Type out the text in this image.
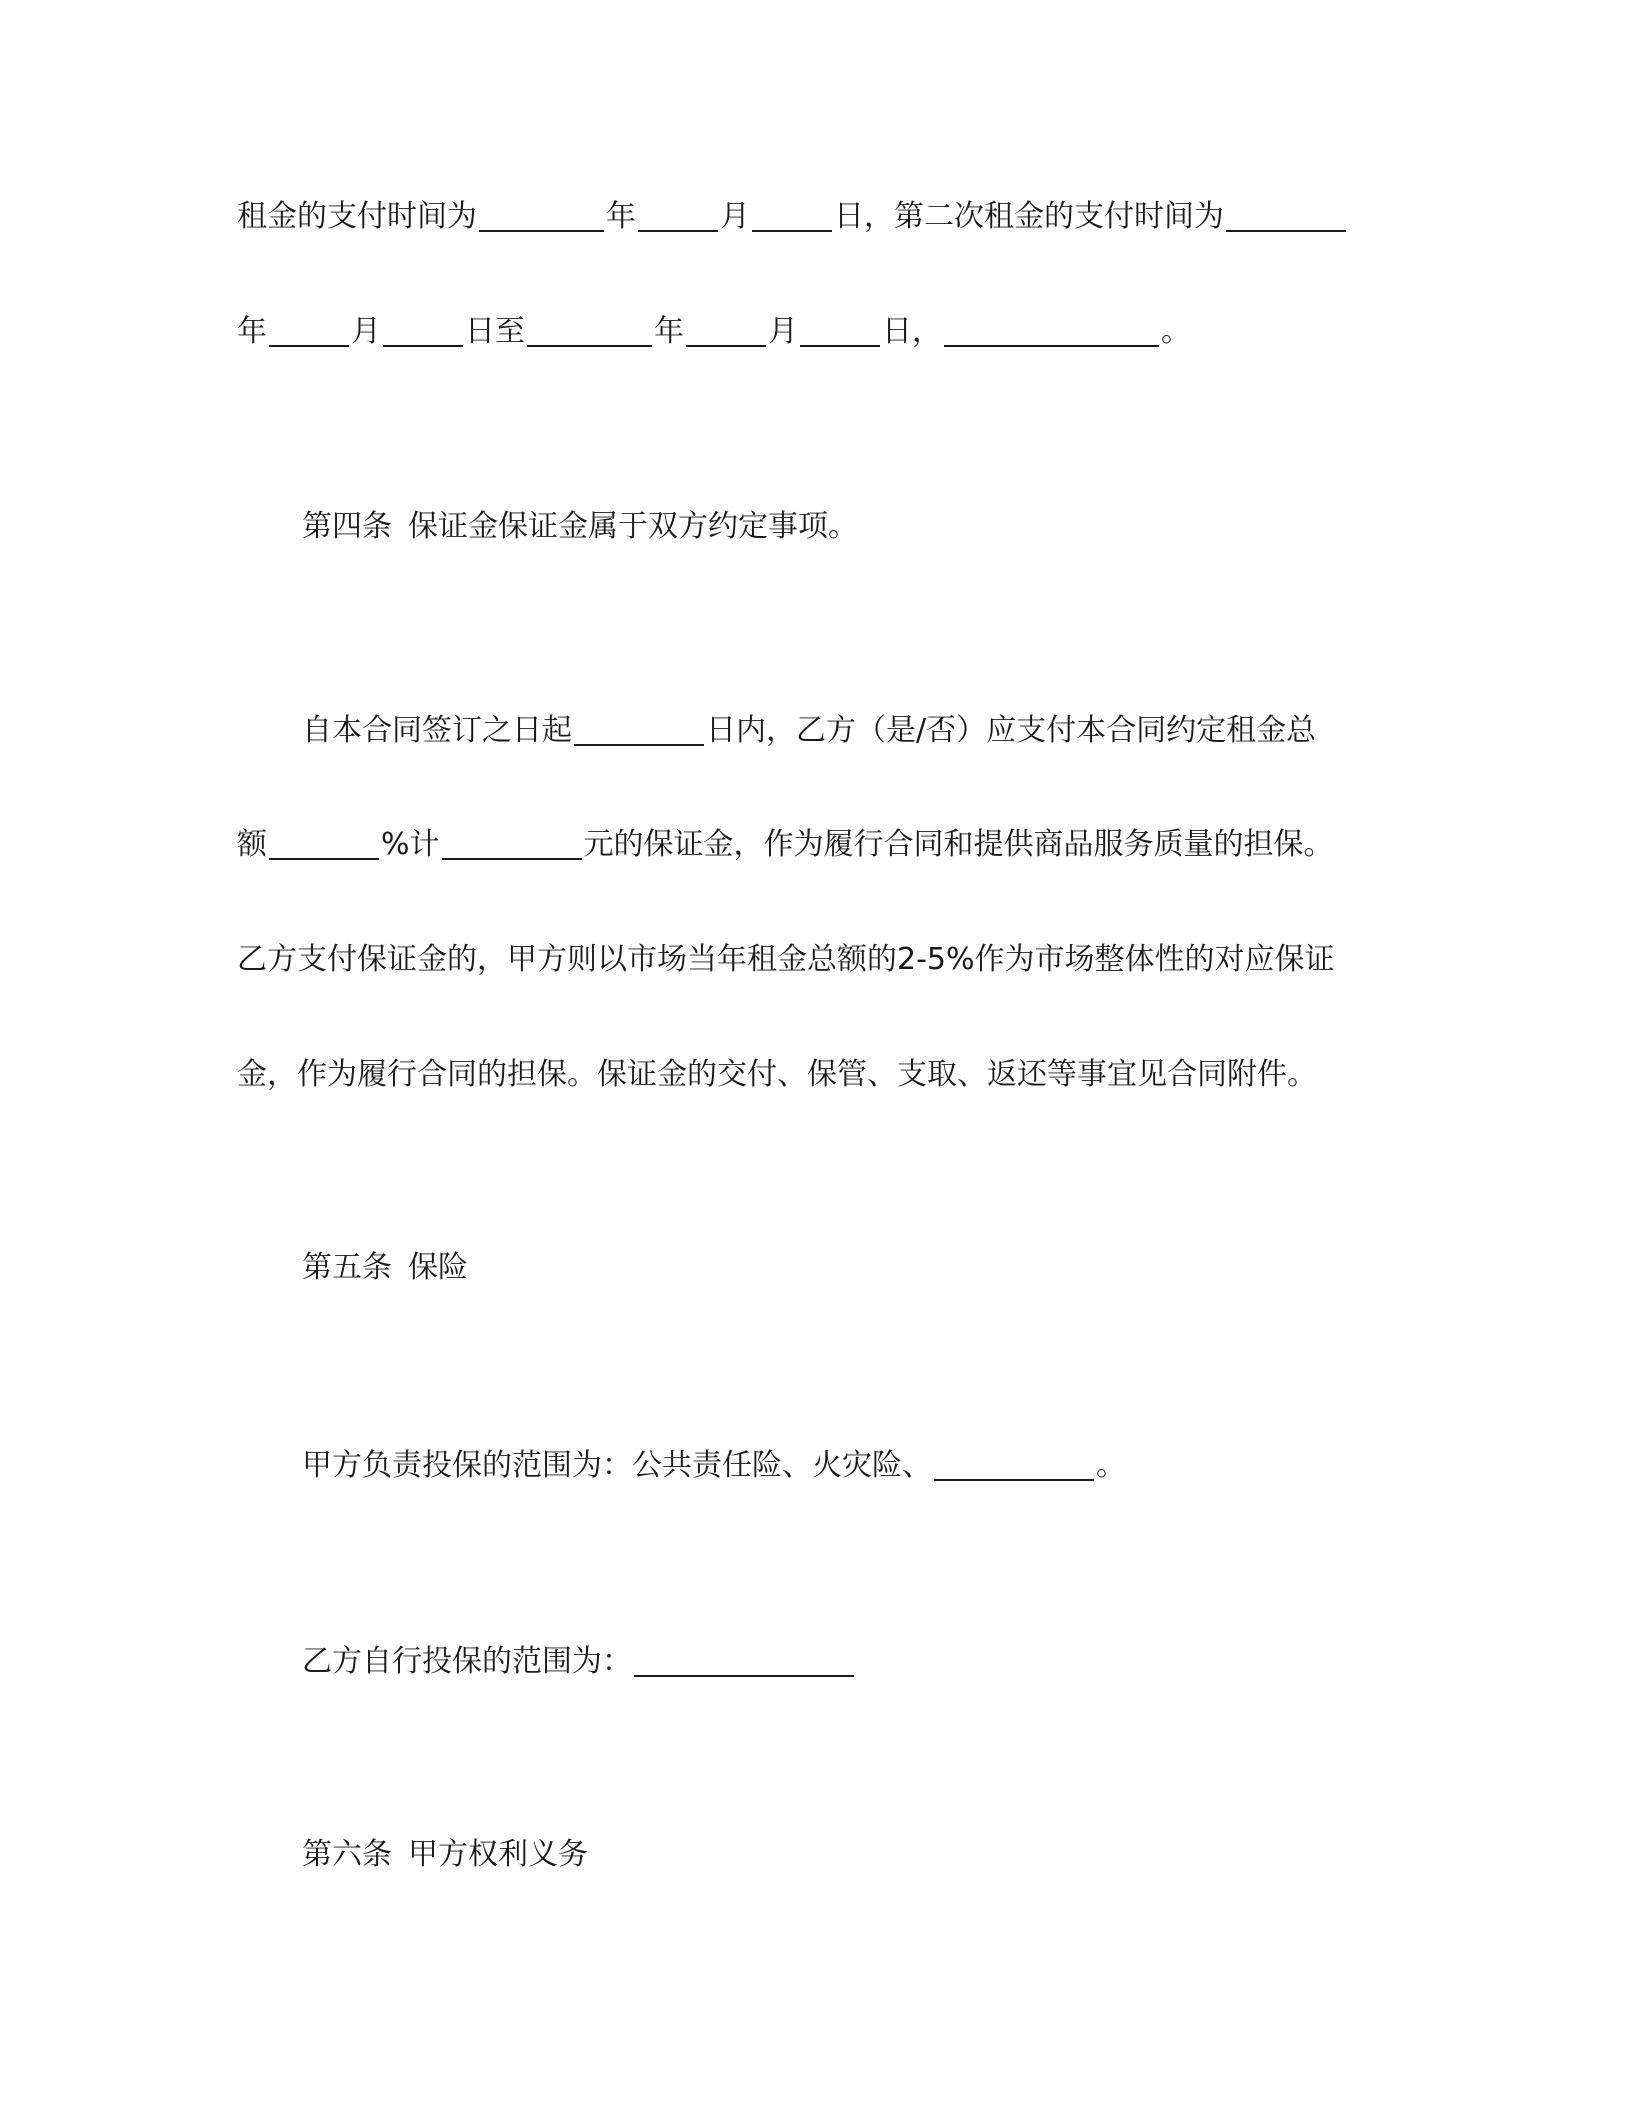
租金的支付时间为	年	月	日，第二次租金的支付时间为
年	月	日至	年	月	日，	。
第四条 保证金保证金属于双方约定事项。
自本合同签订之日起	日内，乙方（是/否）应支付本合同约定租金总
额	%计	元的保证金，作为履行合同和提供商品服务质量的担保。
乙方支付保证金的，甲方则以市场当年租金总额的2-5%作为市场整体性的对应保证
金，作为履行合同的担保。保证金的交付、保管、支取、返还等事宜见合同附件。
第五条 保险
甲方负责投保的范围为：公共责任险、火灾险、	。
乙方自行投保的范围为：
第六条 甲方权利义务
